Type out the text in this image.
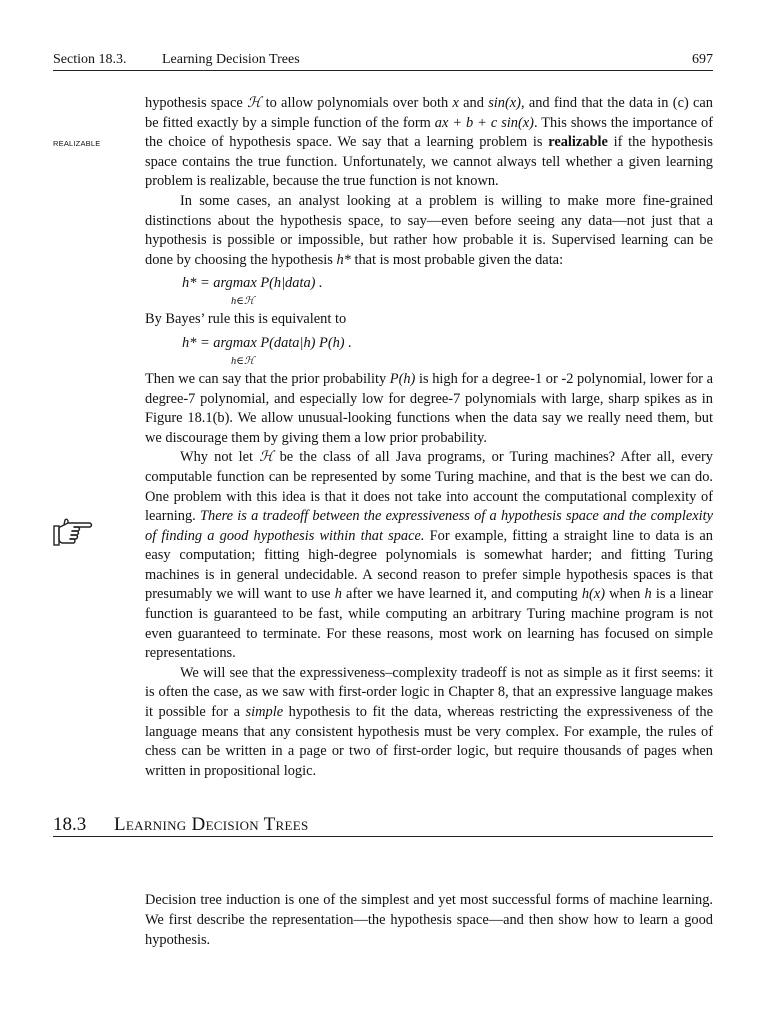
Section 18.3.	Learning Decision Trees	697
REALIZABLE

hypothesis space ℋ to allow polynomials over both x and sin(x), and find that the data in (c) can be fitted exactly by a simple function of the form ax + b + c sin(x). This shows the importance of the choice of hypothesis space. We say that a learning problem is realizable if the hypothesis space contains the true function. Unfortunately, we cannot always tell whether a given learning problem is realizable, because the true function is not known.

In some cases, an analyst looking at a problem is willing to make more fine-grained distinctions about the hypothesis space, to say—even before seeing any data—not just that a hypothesis is possible or impossible, but rather how probable it is. Supervised learning can be done by choosing the hypothesis h* that is most probable given the data:

h* = argmax P(h|data) .
h∈ℋ

By Bayes’ rule this is equivalent to

h* = argmax P(data|h) P(h) .
h∈ℋ

Then we can say that the prior probability P(h) is high for a degree-1 or -2 polynomial, lower for a degree-7 polynomial, and especially low for degree-7 polynomials with large, sharp spikes as in Figure 18.1(b). We allow unusual-looking functions when the data say we really need them, but we discourage them by giving them a low prior probability.

Why not let ℋ be the class of all Java programs, or Turing machines? After all, every computable function can be represented by some Turing machine, and that is the best we can do. One problem with this idea is that it does not take into account the computational complexity of learning. There is a tradeoff between the expressiveness of a hypothesis space and the complexity of finding a good hypothesis within that space. For example, fitting a straight line to data is an easy computation; fitting high-degree polynomials is somewhat harder; and fitting Turing machines is in general undecidable. A second reason to prefer simple hypothesis spaces is that presumably we will want to use h after we have learned it, and computing h(x) when h is a linear function is guaranteed to be fast, while computing an arbitrary Turing machine program is not even guaranteed to terminate. For these reasons, most work on learning has focused on simple representations.

We will see that the expressiveness–complexity tradeoff is not as simple as it first seems: it is often the case, as we saw with first-order logic in Chapter 8, that an expressive language makes it possible for a simple hypothesis to fit the data, whereas restricting the expressiveness of the language means that any consistent hypothesis must be very complex. For example, the rules of chess can be written in a page or two of first-order logic, but require thousands of pages when written in propositional logic.

18.3 Learning Decision Trees

Decision tree induction is one of the simplest and yet most successful forms of machine learning. We first describe the representation—the hypothesis space—and then show how to learn a good hypothesis.
